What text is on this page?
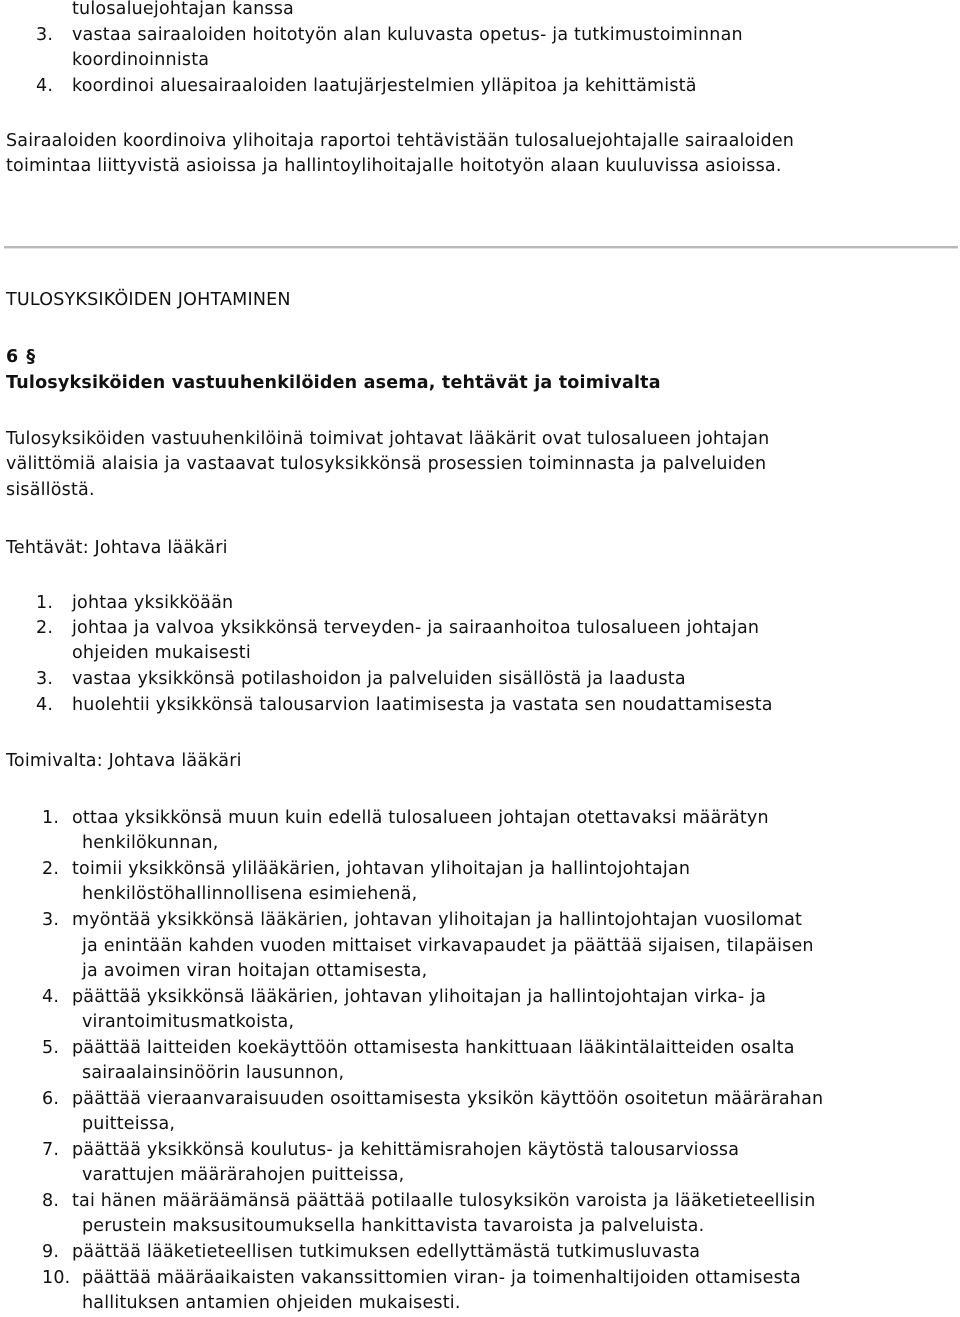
tulosaluejohtajan kanssa
3. vastaa sairaaloiden hoitotyön alan kuluvasta opetus- ja tutkimustoiminnan
koordinoinnista
4. koordinoi aluesairaaloiden laatujärjestelmien ylläpitoa ja kehittämistä
Sairaaloiden koordinoiva ylihoitaja raportoi tehtävistään tulosaluejohtajalle sairaaloiden
toimintaa liittyvistä asioissa ja hallintoylihoitajalle hoitotyön alaan kuuluvissa asioissa.
TULOSYKSIKÖIDEN JOHTAMINEN
6 §
Tulosyksiköiden vastuuhenkilöiden asema, tehtävät ja toimivalta
Tulosyksiköiden vastuuhenkilöinä toimivat johtavat lääkärit ovat tulosalueen johtajan
välittömiä alaisia ja vastaavat tulosyksikkönsä prosessien toiminnasta ja palveluiden
sisällöstä.
Tehtävät: Johtava lääkäri
1. johtaa yksikköään
2. johtaa ja valvoa yksikkönsä terveyden- ja sairaanhoitoa tulosalueen johtajan
ohjeiden mukaisesti
3. vastaa yksikkönsä potilashoidon ja palveluiden sisällöstä ja laadusta
4. huolehtii yksikkönsä talousarvion laatimisesta ja vastata sen noudattamisesta
Toimivalta: Johtava lääkäri
1. ottaa yksikkönsä muun kuin edellä tulosalueen johtajan otettavaksi määrätyn
henkilökunnan,
2. toimii yksikkönsä ylilääkärien, johtavan ylihoitajan ja hallintojohtajan
henkilöstöhallinnollisena esimiehenä,
3. myöntää yksikkönsä lääkärien, johtavan ylihoitajan ja hallintojohtajan vuosilomat
ja enintään kahden vuoden mittaiset virkavapaudet ja päättää sijaisen, tilapäisen
ja avoimen viran hoitajan ottamisesta,
4. päättää yksikkönsä lääkärien, johtavan ylihoitajan ja hallintojohtajan virka- ja
virantoimitusmatkoista,
5. päättää laitteiden koekäyttöön ottamisesta hankittuaan lääkintälaitteiden osalta
sairaalainsinöörin lausunnon,
6. päättää vieraanvaraisuuden osoittamisesta yksikön käyttöön osoitetun määrärahan
puitteissa,
7. päättää yksikkönsä koulutus- ja kehittämisrahojen käytöstä talousarviossa
varattujen määrärahojen puitteissa,
8. tai hänen määräämänsä päättää potilaalle tulosyksikön varoista ja lääketieteellisin
perustein maksusitoumuksella hankittavista tavaroista ja palveluista.
9. päättää lääketieteellisen tutkimuksen edellyttämästä tutkimusluvasta
10. päättää määräaikaisten vakanssittomien viran- ja toimenhaltijoiden ottamisesta
hallituksen antamien ohjeiden mukaisesti.
